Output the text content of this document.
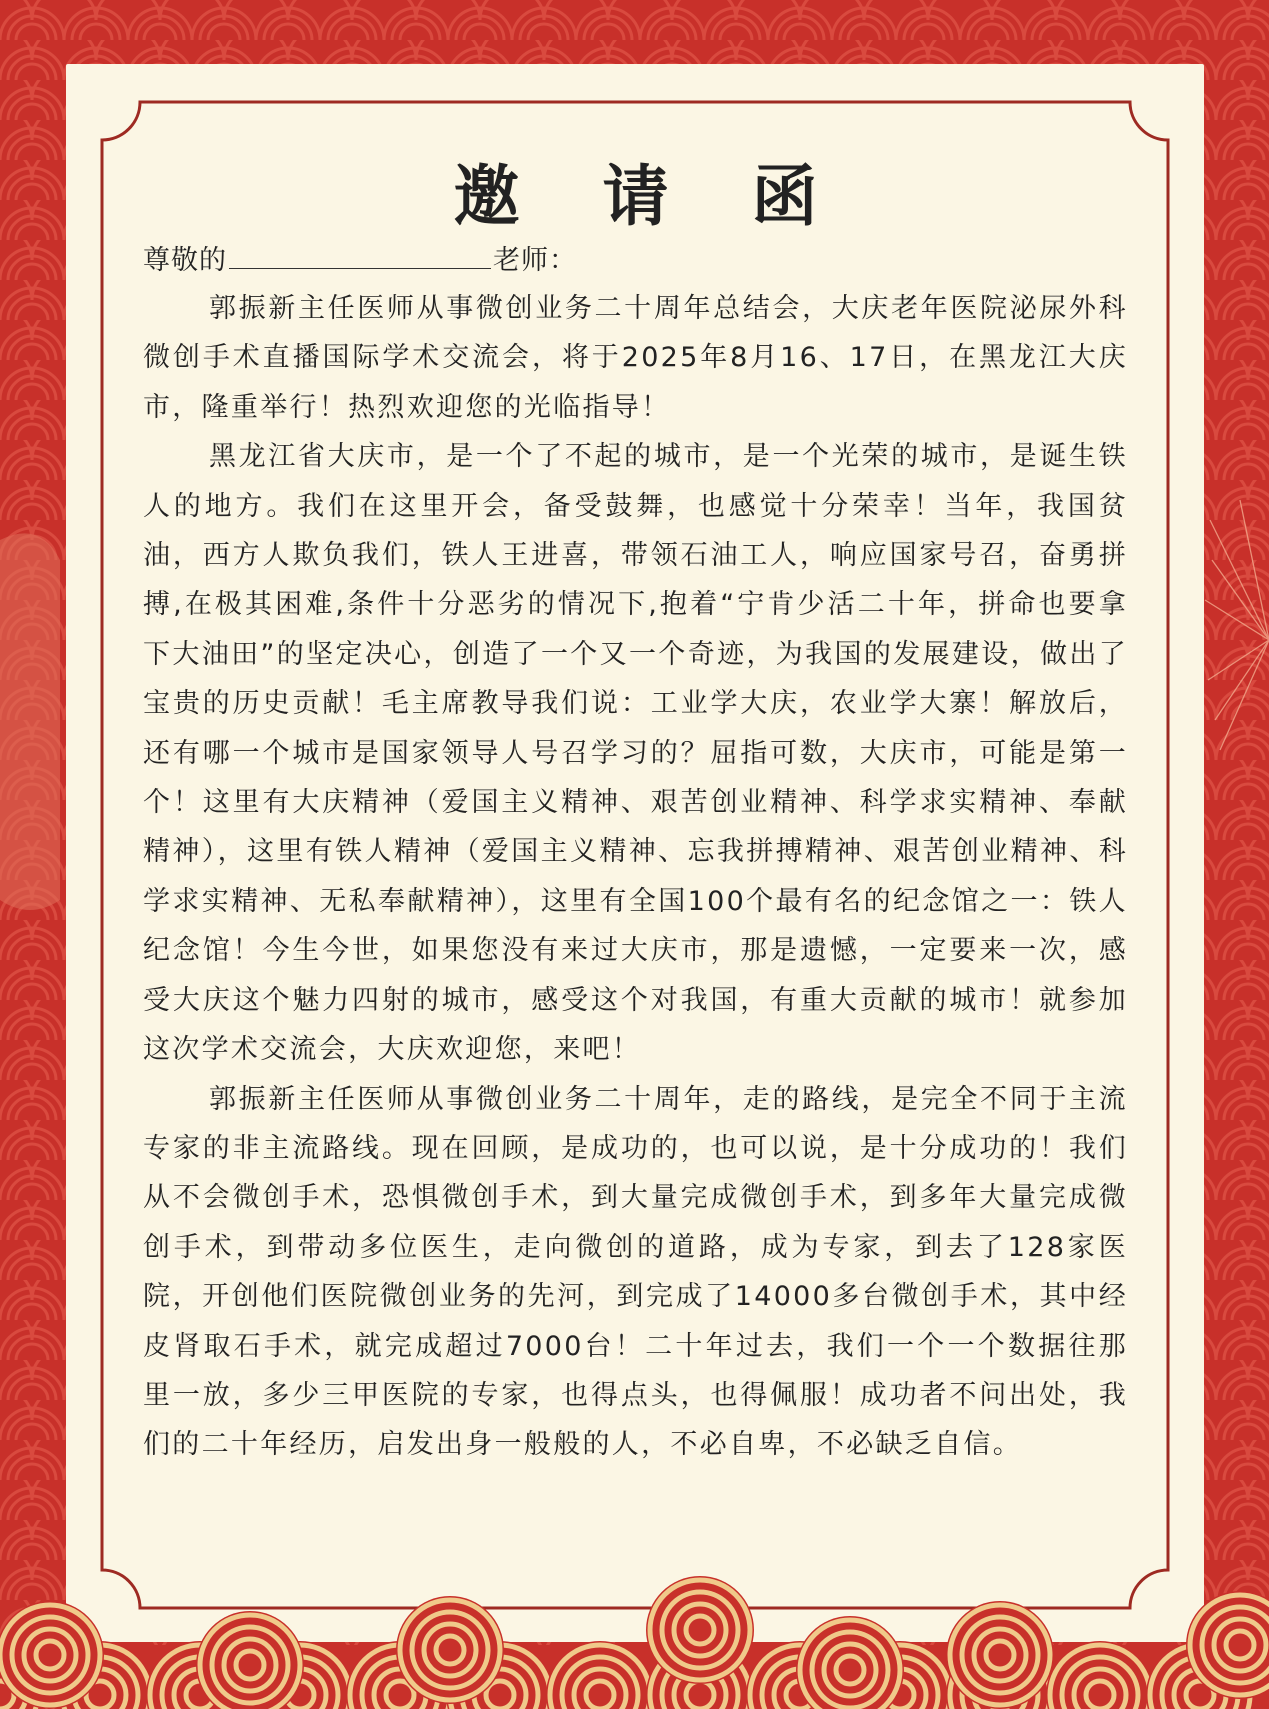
邀 请 函
尊敬的	老师：

郭振新主任医师从事微创业务二十周年总结会，大庆老年医院泌尿外科微创手术直播国际学术交流会，将于2025年8月16、17日，在黑龙江大庆市，隆重举行！热烈欢迎您的光临指导！

黑龙江省大庆市，是一个了不起的城市，是一个光荣的城市，是诞生铁人的地方。我们在这里开会，备受鼓舞，也感觉十分荣幸！当年，我国贫油，西方人欺负我们，铁人王进喜，带领石油工人，响应国家号召，奋勇拼搏,在极其困难,条件十分恶劣的情况下,抱着“宁肯少活二十年，拼命也要拿下大油田”的坚定决心，创造了一个又一个奇迹，为我国的发展建设，做出了宝贵的历史贡献！毛主席教导我们说：工业学大庆，农业学大寨！解放后，还有哪一个城市是国家领导人号召学习的？屈指可数，大庆市，可能是第一个！这里有大庆精神（爱国主义精神、艰苦创业精神、科学求实精神、奉献精神），这里有铁人精神（爱国主义精神、忘我拼搏精神、艰苦创业精神、科学求实精神、无私奉献精神），这里有全国100个最有名的纪念馆之一：铁人纪念馆！今生今世，如果您没有来过大庆市，那是遗憾，一定要来一次，感受大庆这个魅力四射的城市，感受这个对我国，有重大贡献的城市！就参加这次学术交流会，大庆欢迎您，来吧！

郭振新主任医师从事微创业务二十周年，走的路线，是完全不同于主流专家的非主流路线。现在回顾，是成功的，也可以说，是十分成功的！我们从不会微创手术，恐惧微创手术，到大量完成微创手术，到多年大量完成微创手术，到带动多位医生，走向微创的道路，成为专家，到去了128家医院，开创他们医院微创业务的先河，到完成了14000多台微创手术，其中经皮肾取石手术，就完成超过7000台！二十年过去，我们一个一个数据往那里一放，多少三甲医院的专家，也得点头，也得佩服！成功者不问出处，我们的二十年经历，启发出身一般般的人，不必自卑，不必缺乏自信。
